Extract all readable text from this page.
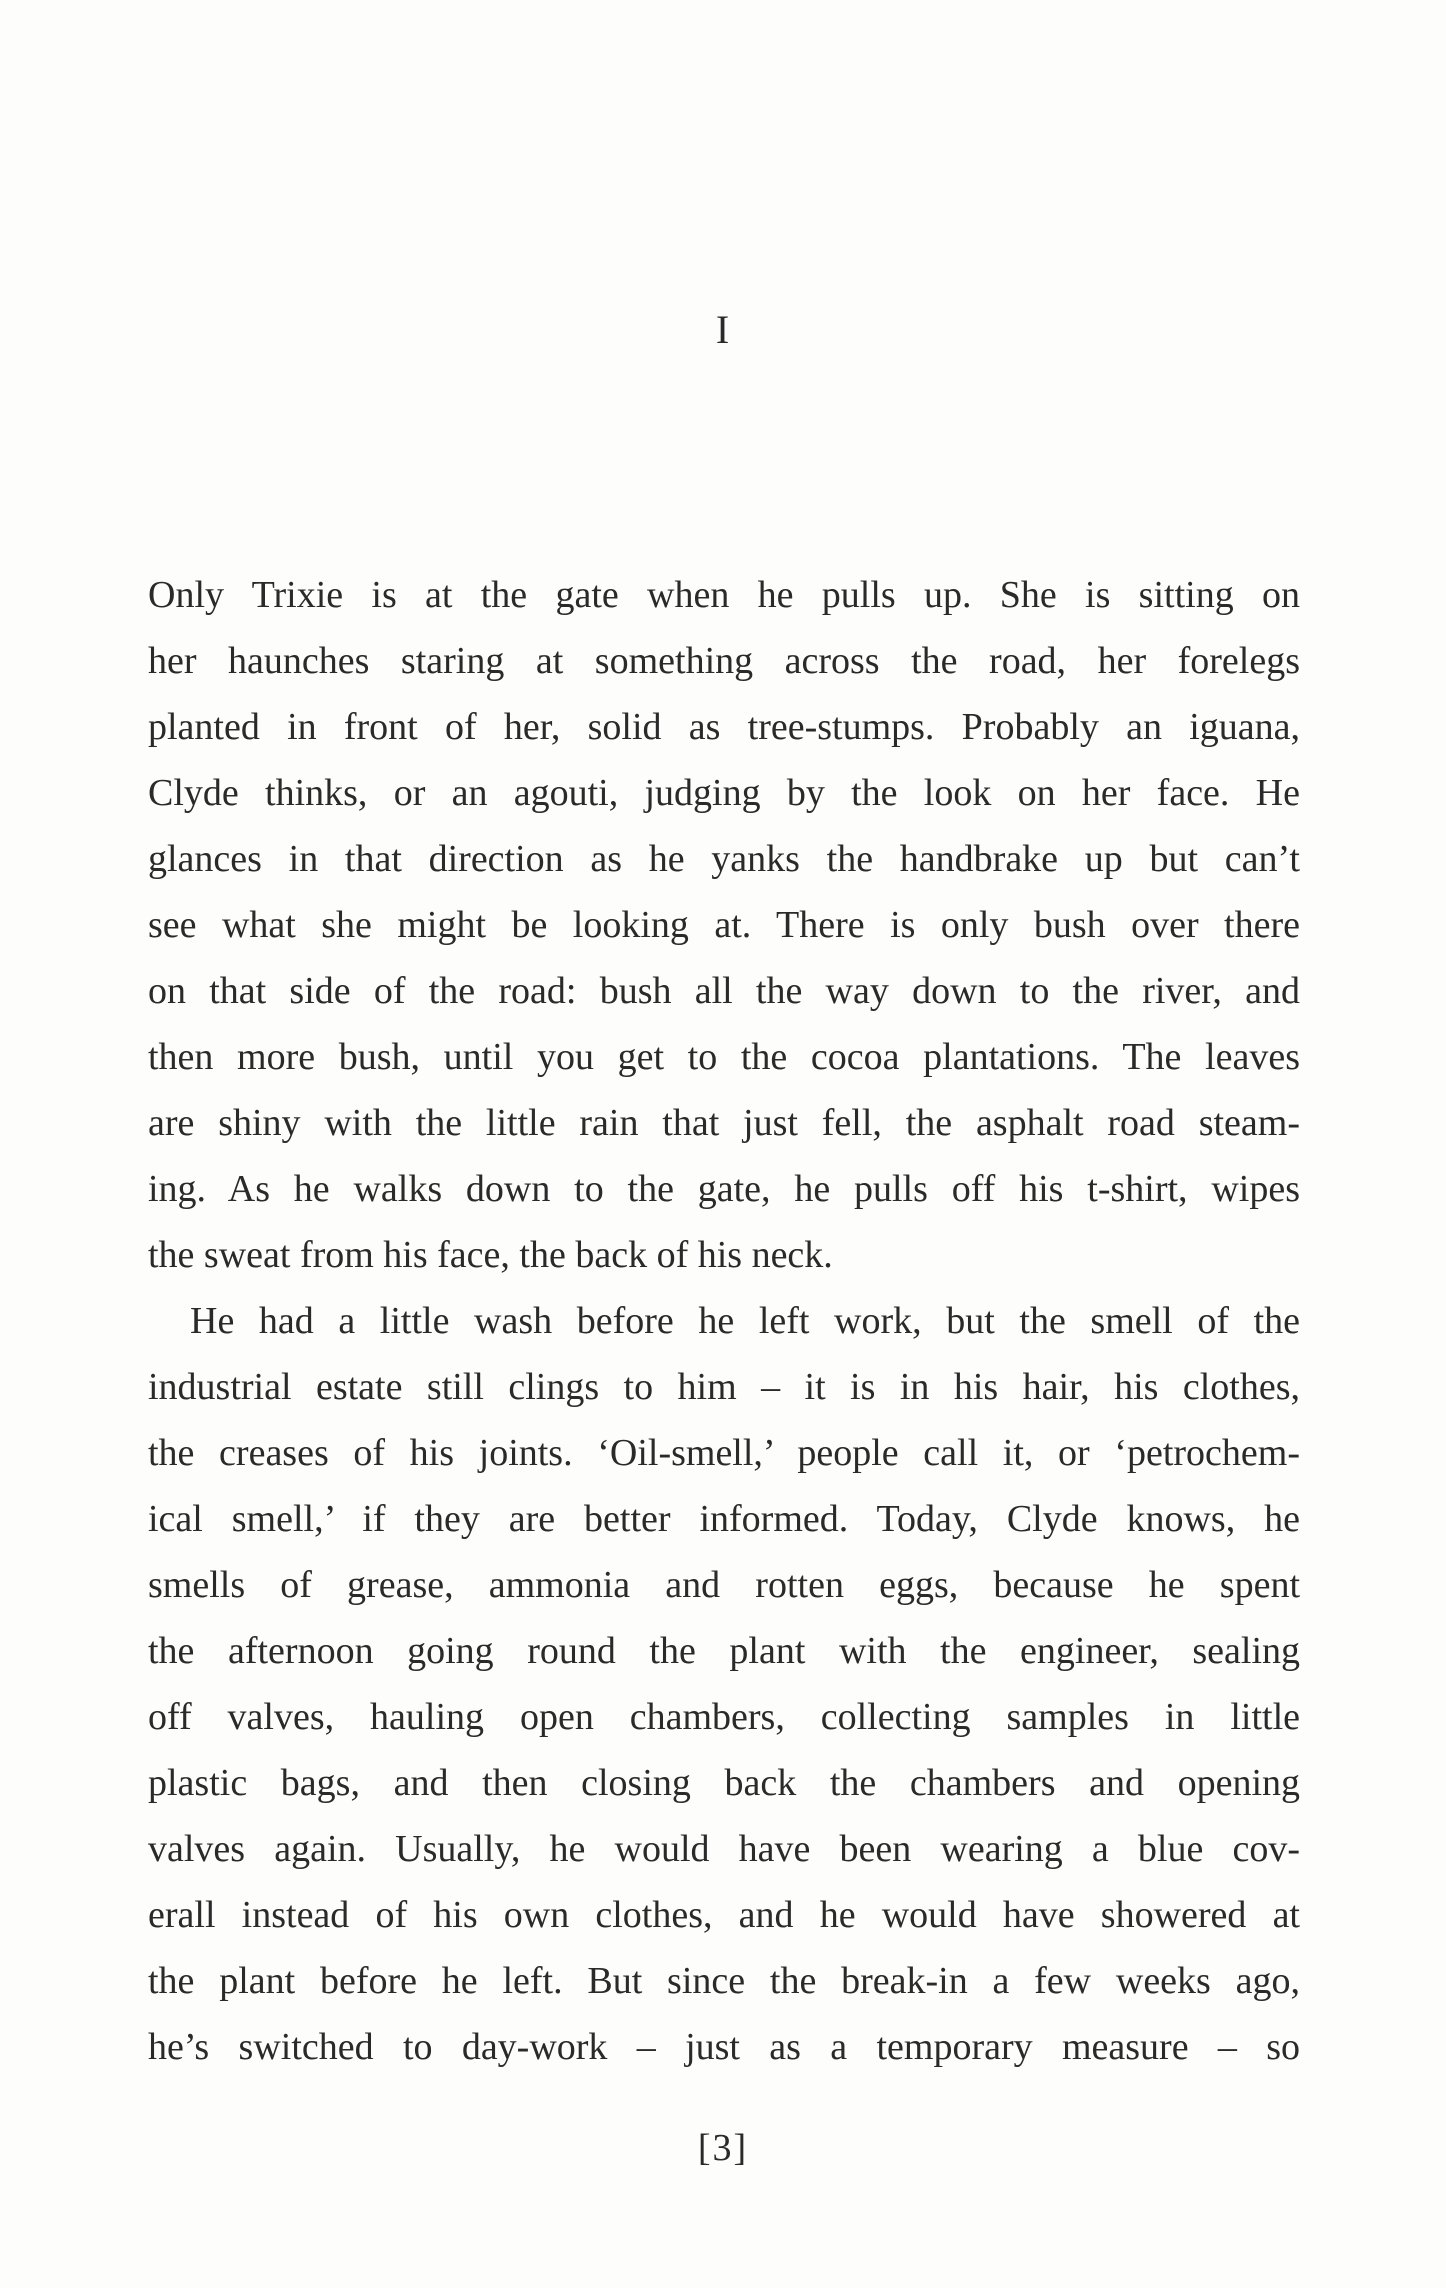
I
Only Trixie is at the gate when he pulls up. She is sitting on
her haunches staring at something across the road, her forelegs
planted in front of her, solid as tree-stumps. Probably an iguana,
Clyde thinks, or an agouti, judging by the look on her face. He
glances in that direction as he yanks the handbrake up but can’t
see what she might be looking at. There is only bush over there
on that side of the road: bush all the way down to the river, and
then more bush, until you get to the cocoa plantations. The leaves
are shiny with the little rain that just fell, the asphalt road steam-
ing. As he walks down to the gate, he pulls off his t-shirt, wipes
the sweat from his face, the back of his neck.
He had a little wash before he left work, but the smell of the
industrial estate still clings to him – it is in his hair, his clothes,
the creases of his joints. ‘Oil-smell,’ people call it, or ‘petrochem-
ical smell,’ if they are better informed. Today, Clyde knows, he
smells of grease, ammonia and rotten eggs, because he spent
the afternoon going round the plant with the engineer, sealing
off valves, hauling open chambers, collecting samples in little
plastic bags, and then closing back the chambers and opening
valves again. Usually, he would have been wearing a blue cov-
erall instead of his own clothes, and he would have showered at
the plant before he left. But since the break-in a few weeks ago,
he’s switched to day-work – just as a temporary measure – so
[3]
